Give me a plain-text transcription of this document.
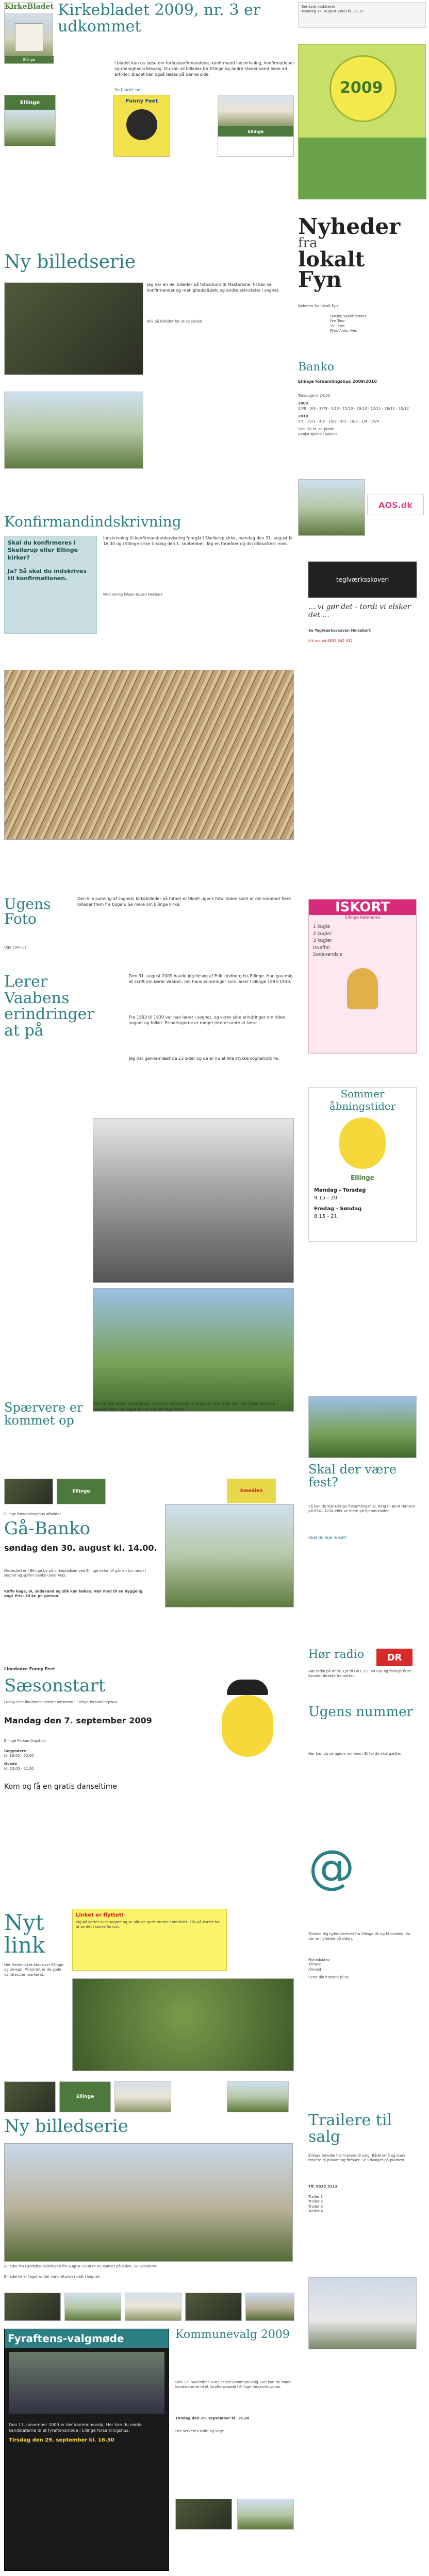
KirkeBladet
Ellinge
Kirkebladet 2009, nr. 3 er udkommet
I bladet kan du læse om forårskonfirmandene, konfirmand indskrivning, konfirmationer og menighedsrådsvalg. Du kan se billeder fra Ellinge og andre steder samt læse ad artikler. Bladet kan også læses på denne side.
Se bladet her
Ellinge	Funny Feet
Ellinge
Seneste opdateret
Mandag 17. august 2009 kl. 21.32
2009
Ny billedserie
Jeg har en del billeder på fotoalbum til Mastbrisne, til kan se konfirmander og menighedsrådets og andre aktiviteter i sognet.
Klik på billedet for at se serien
Nyheder
fra
lokalt
Fyn
Nyheder fra lokalt Fyn
Fynske Vaekhænder
Fyn Tour
TV - Fyn
Fyns Amts Avis
Banko
Ellinge forsamlingshus 2009/2010
Torsdage kl 14.00
2009
20/8 - 3/9 - 17/9 - 1/10 - 15/10 - 29/10 - 12/11 - 26/11 - 10/12
2010
7/1 - 21/1 - 4/2 - 18/2 - 4/3 - 18/3 - 1/4 - 15/4
Spil: 20 kr. pr. plade
Banko spilles i lokalet
AOS.dk
Konfirmandindskrivning
Skal du konfirmeres i Skellerup eller Ellinge kirker?
Ja? Så skal du indskrives til konfirmationen.
Indskrivning til konfirmandundervisning foregår i Skellerup kirke, mandag den 31. august kl. 16.30 og i Ellinge kirke tirsdag den 1. september. Tag en forælder og din dåbsattest med.
Med venlig hilsen Susan Fiskbæk
teglværksskoven
... vi gør det - tordi vi elsker det ...
Se Teglværksskoven Holsebart
Kik ind på 6635 342 432
Ugens Foto
Den lille samling af sognets kirkebilleder på fotoet er tildelt ugens foto. Siden sidst er der kommet flere billeder frem fra bogen: Se mere om Ellinge kirke.
Uge 29/8-11
ISKORT
Ellinge Købmand
1 kugle
2 kugler
3 kugler
Isvaffel
Sodavandsis
Lerer Vaabens erindringer at på
Den 31. august 2009 havde jeg besøg af Erik Lindberg fra Ellinge. Han gav mig et skrift om lærer Vaaben, om hans erindringer som lærer i Ellinge 1893-1930.
Fra 1893 til 1930 var han lærer i sognet, og skrev sine erindringer om tiden, sognet og folket. Erindringerne er meget interessante at læse.
Jeg har gennemlæst de 23 sider og de er nu et lille stykke sognehistorie.
Sommer åbningstider
Ellinge
Mandag - Torsdag
9.15 - 20
Fredag - Søndag
8.15 - 21
Spærvere er kommet op
Den første store forandring i forsamlingshuset i Ellinge er kommet. De nye spær kom op i weekenden, og taget er nu ved at tage form.
Skal der være fest?
Så kan du leje Ellinge forsamlingshus. Ring til Bent Hansen på 6541 1234 eller se mere på hjemmesiden.
Skal du leje huset?
Ellinge	Smedien
Ellinge forsamlingshus afholder
Gå-Banko
søndag den 30. august kl. 14.00.
Mødested er i Ellinge by på kirkepladsen ved Ellinge kirke. Vi går en tur rundt i sognet og spiller banko undervejs.
Kaffe kage, øl, sodavand og slik kan købes. Vær med til en hyggelig dag! Pris: 30 kr. pr. person.
Hør radio	DR
Hør radio på dr.dk. Lyt til DR1, P3, P4 Fyn og mange flere kanaler direkte fra nettet.
Linedance Funny Feet
Sæsonstart
Funny Feet linedance starter sæsonen i Ellinge forsamlingshus.
Mandag den 7. september 2009
Ellinge Forsamlingshus
Begyndere
kl. 19.00 - 20.00
Øvede
kl. 20.00 - 21.00
Kom og få en gratis danseltime
Ugens nummer
Her kan du se ugens nummer: Et tal du skal gætte.
@
Tilmeld dig nyhedsbrevet fra Ellinge.dk og få besked når der er nyheder på siden.
Nyhedsbrev
Tilmeld
Afmeld
Send din historie til os
Nyt link
Her finder du et kort over Ellinge og omegn. På kortet er de gode vandreruter markeret.
Linket er flyttet!
Kig på kortet over sognet og se alle de gode steder i området. Klik på kortet for at se det i større format.
Ellinge
Ny billedserie
Billeder fra Landsbyudviklingen fra august 2008 er nu samlet på siden. Se billederne.
Billederne er taget under vandreturen rundt i sognet.
Trailere til salg
Ellinge Smedie har trailere til salg. Både små og store trailere til private og firmaer. Se udvalget på pladsen.
Tlf. 6535 3112
Trailer 1
Trailer 2
Trailer 3
Trailer 4
Fyraftens-valgmøde
Den 17. november 2009 er der kommunevalg. Her kan du møde kandidaterne til et fyraftensmøde i Ellinge forsamlingshus.
Tirsdag den 29. september kl. 16.30
Kommunevalg 2009
Den 17. november 2009 er der kommunevalg. Her kan du møde kandidaterne til et fyraftensmøde i Ellinge forsamlingshus.
Tirsdag den 29. september kl. 16.30
Der serveres kaffe og kage.
